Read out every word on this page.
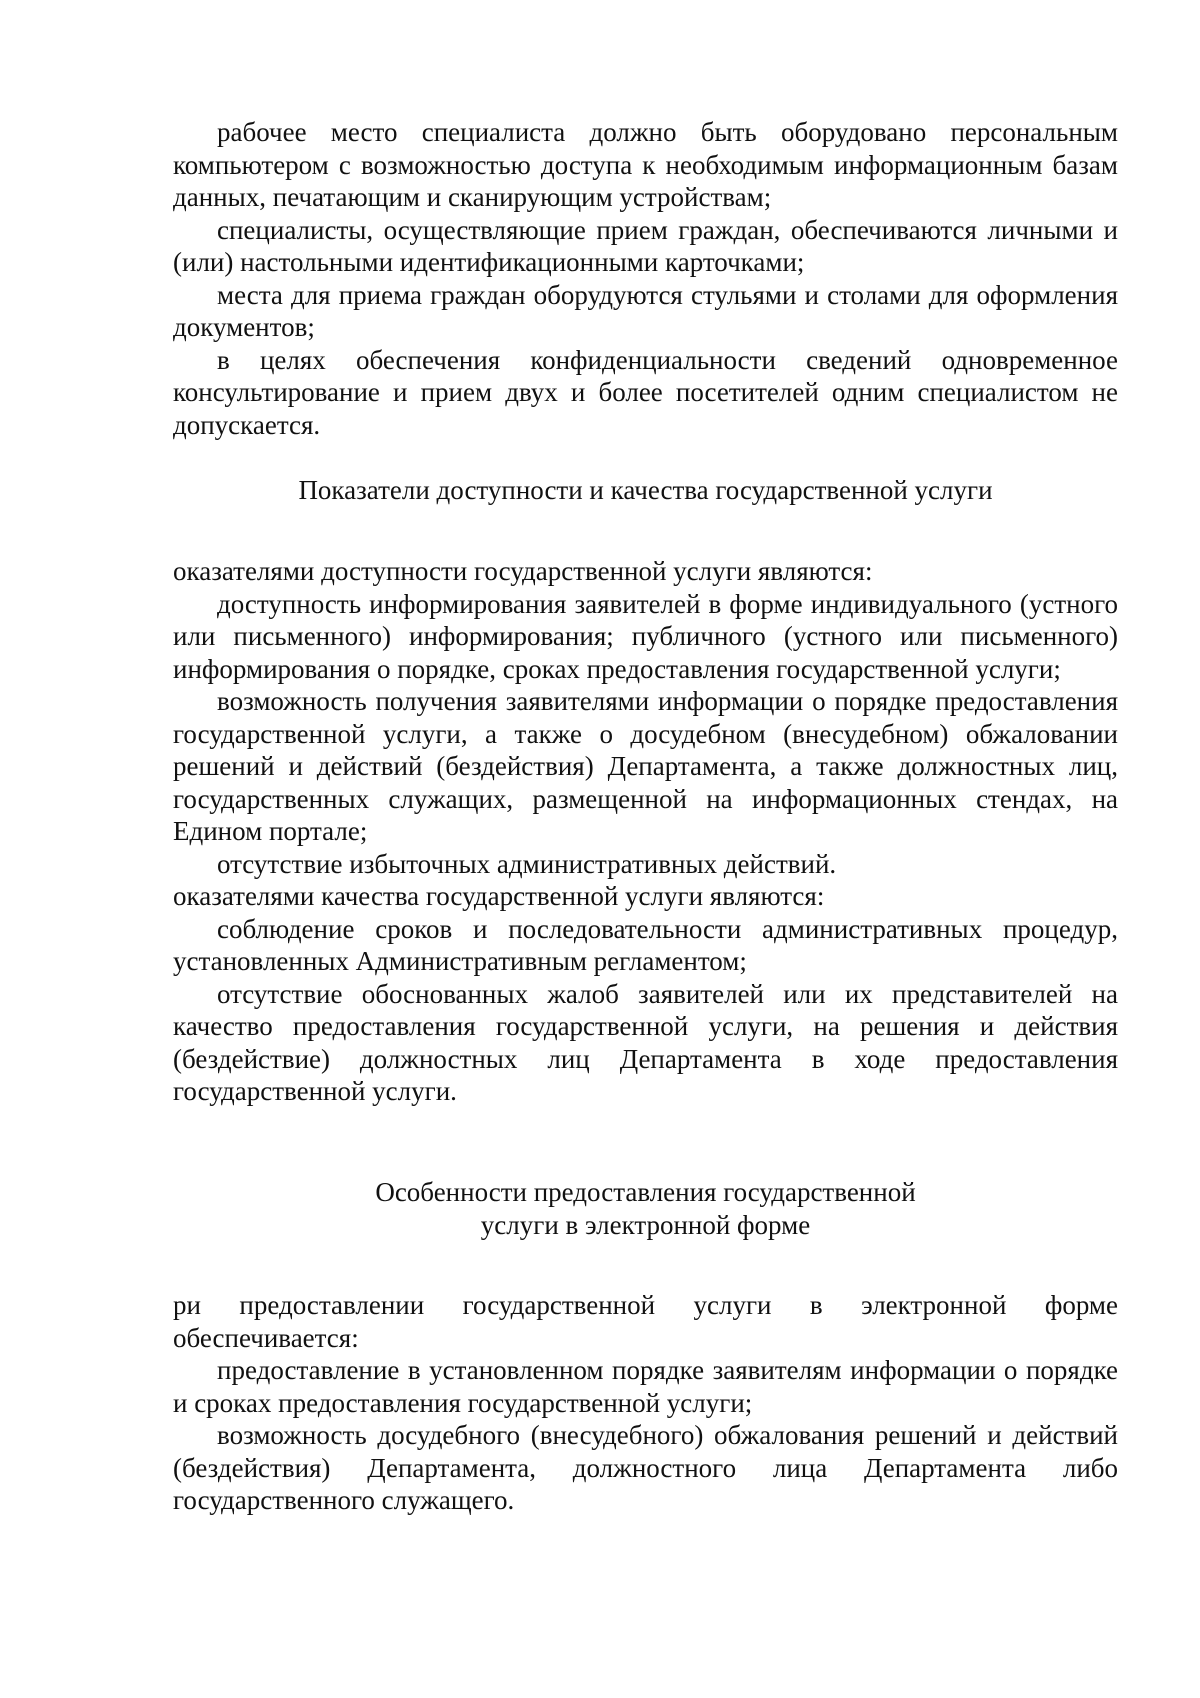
рабочее место специалиста должно быть оборудовано персональным компьютером с возможностью доступа к необходимым информационным базам данных, печатающим и сканирующим устройствам;

специалисты, осуществляющие прием граждан, обеспечиваются личными и (или) настольными идентификационными карточками;

места для приема граждан оборудуются стульями и столами для оформления документов;

в целях обеспечения конфиденциальности сведений одновременное консультирование и прием двух и более посетителей одним специалистом не допускается.

Показатели доступности и качества государственной услуги

оказателями доступности государственной услуги являются:

доступность информирования заявителей в форме индивидуального (устного или письменного) информирования; публичного (устного или письменного) информирования о порядке, сроках предоставления государственной услуги;

возможность получения заявителями информации о порядке предоставления государственной услуги, а также о досудебном (внесудебном) обжаловании решений и действий (бездействия) Департамента, а также должностных лиц, государственных служащих, размещенной на информационных стендах, на Едином портале;

отсутствие избыточных административных действий.

оказателями качества государственной услуги являются:

соблюдение сроков и последовательности административных процедур, установленных Административным регламентом;

отсутствие обоснованных жалоб заявителей или их представителей на качество предоставления государственной услуги, на решения и действия (бездействие) должностных лиц Департамента в ходе предоставления государственной услуги.

Особенности предоставления государственной
услуги в электронной форме

ри предоставлении государственной услуги в электронной форме обеспечивается:

предоставление в установленном порядке заявителям информации о порядке и сроках предоставления государственной услуги;

возможность досудебного (внесудебного) обжалования решений и действий (бездействия) Департамента, должностного лица Департамента либо государственного служащего.
